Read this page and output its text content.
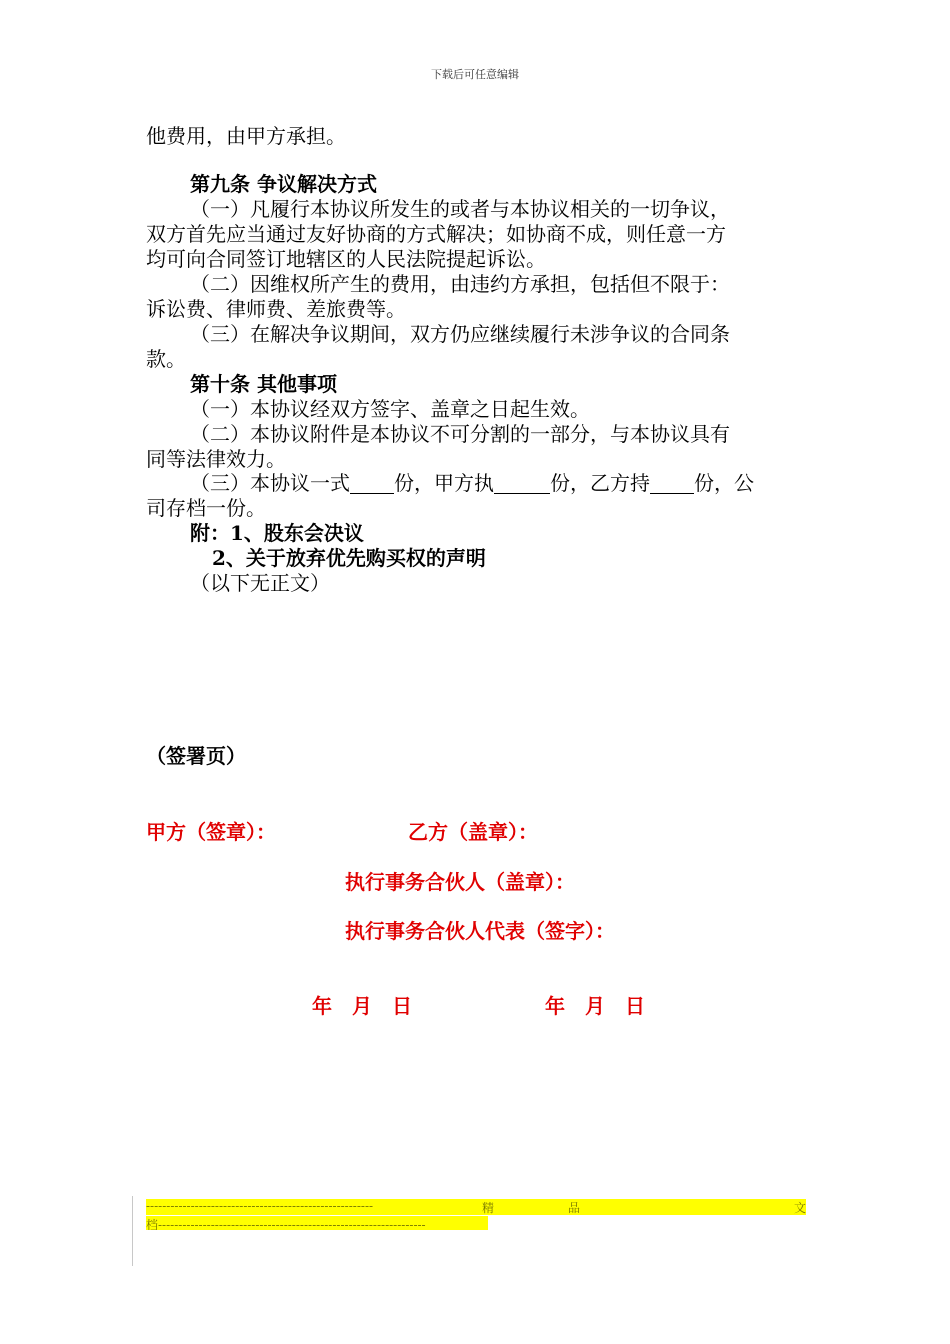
下载后可任意编辑
他费用，由甲方承担。
第九条 争议解决方式
（一）凡履行本协议所发生的或者与本协议相关的一切争议，
双方首先应当通过友好协商的方式解决；如协商不成，则任意一方
均可向合同签订地辖区的人民法院提起诉讼。
（二）因维权所产生的费用，由违约方承担，包括但不限于：
诉讼费、律师费、差旅费等。
（三）在解决争议期间，双方仍应继续履行未涉争议的合同条
款。
第十条 其他事项
（一）本协议经双方签字、盖章之日起生效。
（二）本协议附件是本协议不可分割的一部分，与本协议具有
同等法律效力。
（三）本协议一式 份，甲方执	份，乙方持 份，公
司存档一份。
附：1、股东会决议
2、关于放弃优先购买权的声明
（以下无正文）
（签署页）
甲方（签章）：	乙方（盖章）：
执行事务合伙人（盖章）：
执行事务合伙人代表（签字）：
年　月　日	年　月　日
--------------------------------------------------------	精	品	文
档------------------------------------------------------------------
